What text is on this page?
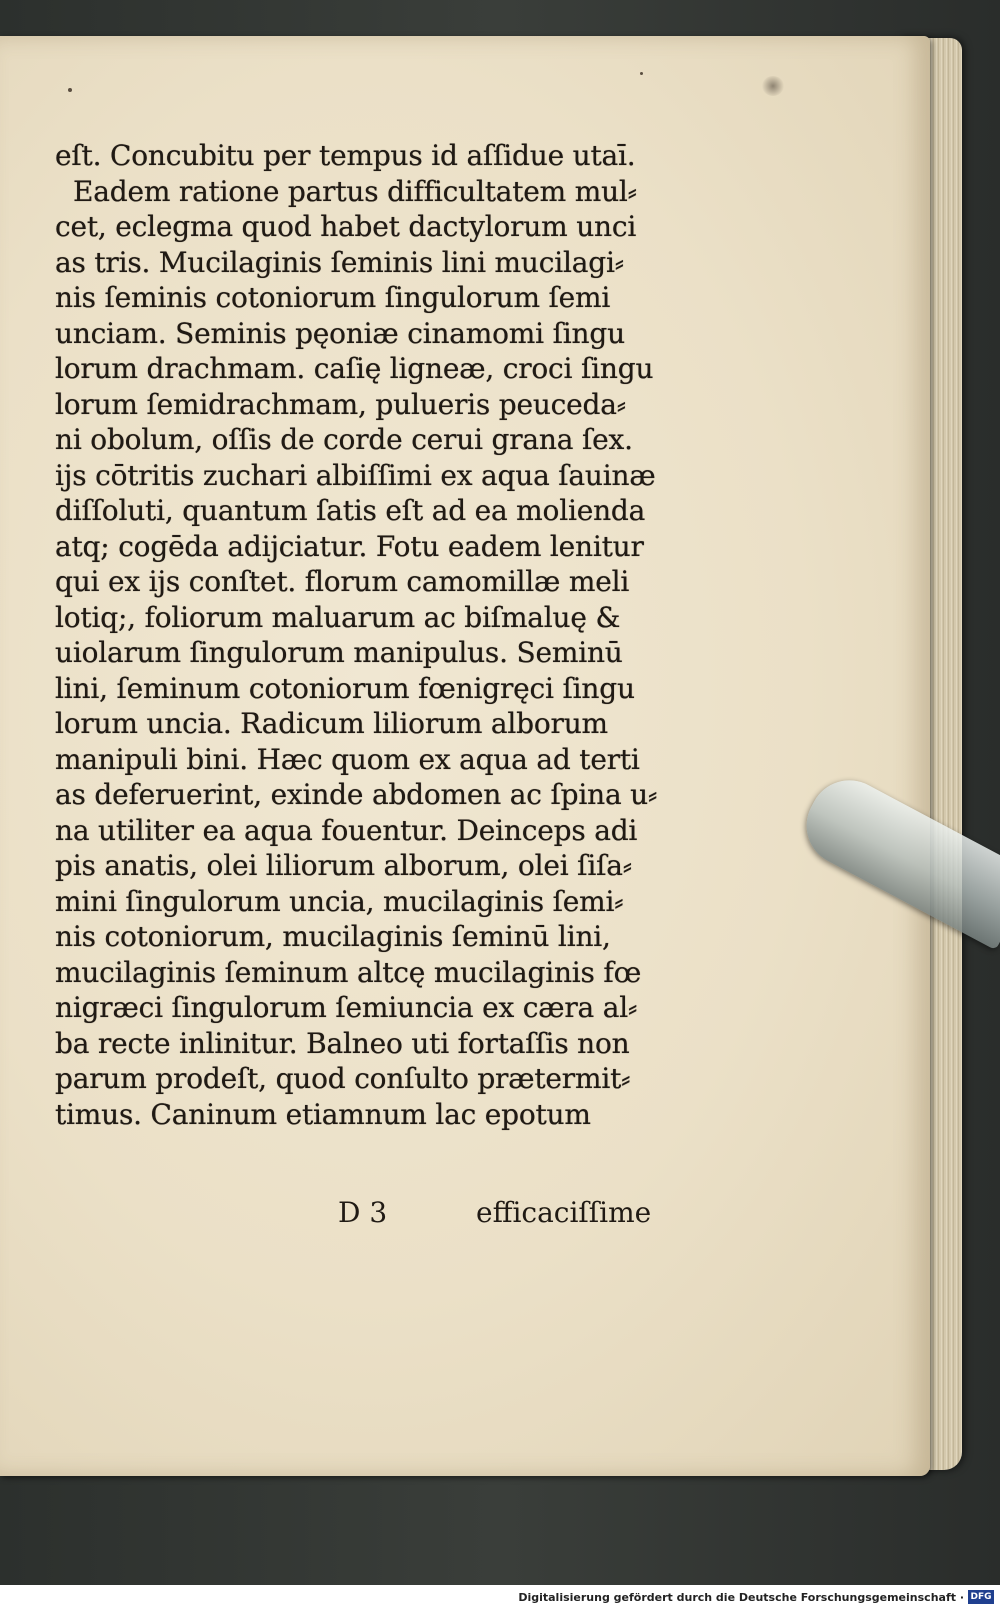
eſt. Concubitu per tempus id aſſidue utaī.
Eadem ratione partus difficultatem mul⸗
cet, eclegma quod habet dactylorum unci
as tris. Mucilaginis ſeminis lini mucilagi⸗
nis ſeminis cotoniorum ſingulorum ſemi
unciam. Seminis pęoniæ cinamomi ſingu
lorum drachmam. caſię ligneæ, croci ſingu
lorum ſemidrachmam, pulueris peuceda⸗
ni obolum, oſſis de corde cerui grana ſex.
ijs cōtritis zuchari albiſſimi ex aqua ſauinæ
diſſoluti, quantum ſatis eſt ad ea molienda
atq; cogēda adijciatur. Fotu eadem lenitur
qui ex ijs conſtet. florum camomillæ meli
lotiq;, foliorum maluarum ac biſmaluę &
uiolarum ſingulorum manipulus. Seminū
lini, ſeminum cotoniorum fœnigręci ſingu
lorum uncia. Radicum liliorum alborum
manipuli bini. Hæc quom ex aqua ad terti
as deferuerint, exinde abdomen ac ſpina u⸗
na utiliter ea aqua fouentur. Deinceps adi
pis anatis, olei liliorum alborum, olei ſiſa⸗
mini ſingulorum uncia, mucilaginis ſemi⸗
nis cotoniorum, mucilaginis ſeminū lini,
mucilaginis ſeminum altcę mucilaginis fœ
nigræci ſingulorum ſemiuncia ex cæra al⸗
ba recte inlinitur. Balneo uti fortaſſis non
parum prodeſt, quod conſulto prætermit⸗
timus. Caninum etiamnum lac epotum
D 3	efficaciſſime
Digitalisierung gefördert durch die Deutsche Forschungsgemeinschaft · DFG
